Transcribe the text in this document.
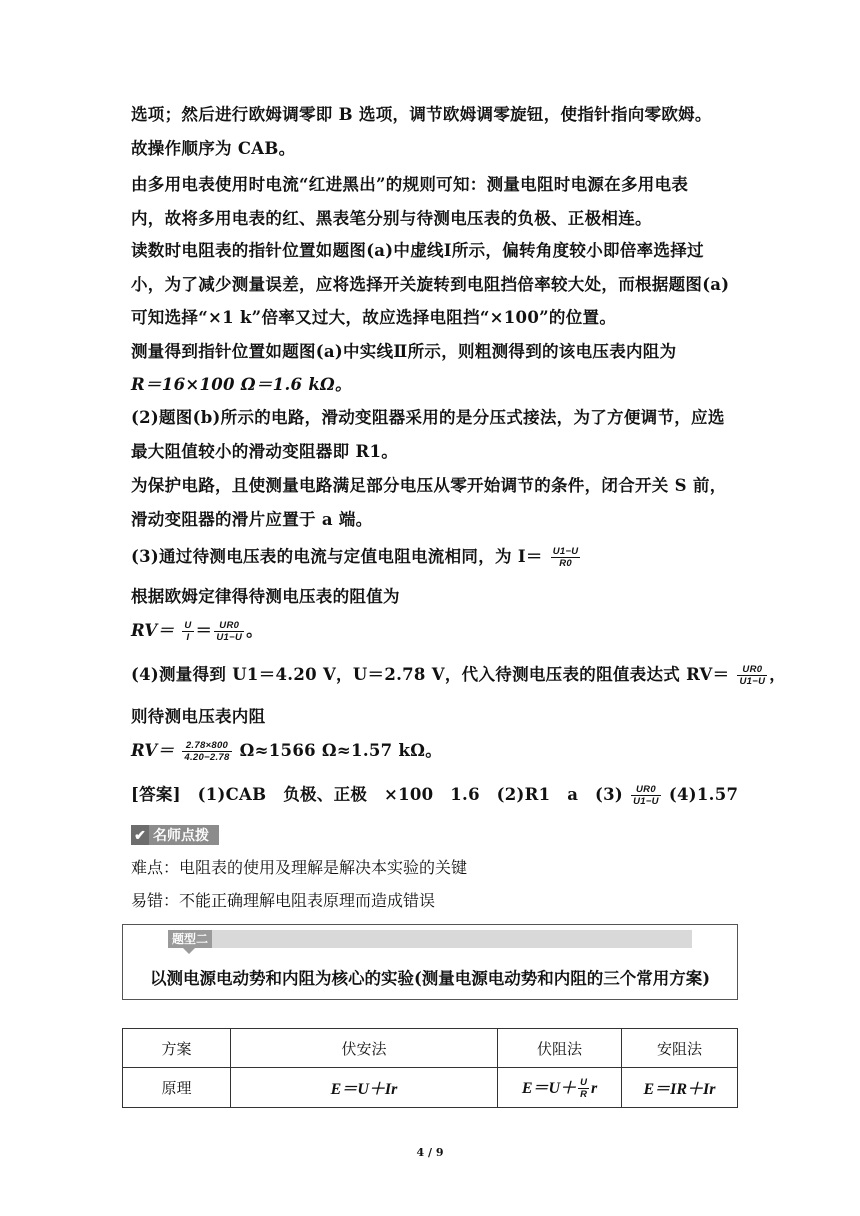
选项；然后进行欧姆调零即 B 选项，调节欧姆调零旋钮，使指针指向零欧姆。
故操作顺序为 CAB。
由多用电表使用时电流“红进黑出”的规则可知：测量电阻时电源在多用电表
内，故将多用电表的红、黑表笔分别与待测电压表的负极、正极相连。
读数时电阻表的指针位置如题图(a)中虚线Ⅰ所示，偏转角度较小即倍率选择过
小，为了减少测量误差，应将选择开关旋转到电阻挡倍率较大处，而根据题图(a)
可知选择“×1 k”倍率又过大，故应选择电阻挡“×100”的位置。
测量得到指针位置如题图(a)中实线Ⅱ所示，则粗测得到的该电压表内阻为
R＝16×100 Ω＝1.6 kΩ。
(2)题图(b)所示的电路，滑动变阻器采用的是分压式接法，为了方便调节，应选
最大阻值较小的滑动变阻器即 R1。
为保护电路，且使测量电路满足部分电压从零开始调节的条件，闭合开关 S 前，
滑动变阻器的滑片应置于 a 端。
(3)通过待测电压表的电流与定值电阻电流相同，为 $I= \frac{U1-U}{R0}$
根据欧姆定律得待测电压表的阻值为
$RV= \frac{U}{I} = \frac{UR0}{U1-U}$ 。
(4)测量得到 U1＝4.20 V，U＝2.78 V，代入待测电压表的阻值表达式 $RV= \frac{UR0}{U1-U}$ ，
则待测电压表内阻
$RV= \frac{2.78\times 800}{4.20-2.78} \Omega\approx 1566$ Ω≈1.57 kΩ。
[答案]　(1)CAB　负极、正极　×100　1.6　(2)R1　a　$(3) \frac{UR0}{U1-U} (4)1.57$
✔ 名师点拨
难点：电阻表的使用及理解是解决本实验的关键
易错：不能正确理解电阻表原理而造成错误
题型二
以测电源电动势和内阻为核心的实验(测量电源电动势和内阻的三个常用方案)
方案	伏安法	伏阻法	安阻法
原理	E＝U＋Ir	$E=U+ \frac{U}{R}$ r	E＝IR＋Ir
4 / 9
